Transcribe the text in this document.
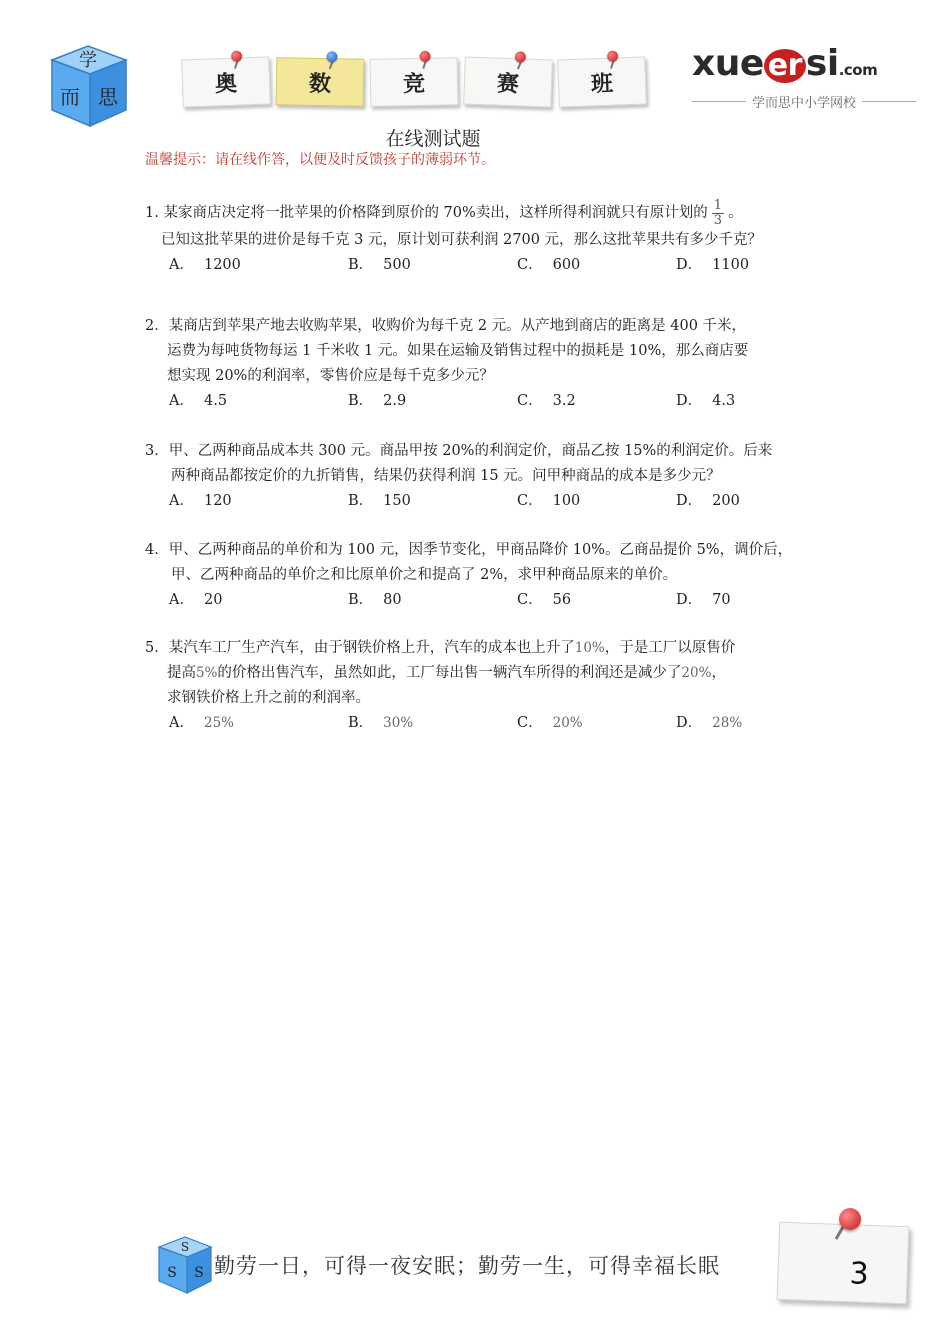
学
而 思
奥	数	竞	赛	班 xue er si.com
学而思中小学网校
在线测试题
温馨提示：请在线作答，以便及时反馈孩子的薄弱环节。
1. 某家商店决定将一批苹果的价格降到原价的 70%卖出，这样所得利润就只有原计划的 $\frac{1}{3}$ 。
已知这批苹果的进价是每千克 3 元，原计划可获利润 2700 元，那么这批苹果共有多少千克？
A． 1200	B． 500	C． 600	D． 1100
2．某商店到苹果产地去收购苹果，收购价为每千克 2 元。从产地到商店的距离是 400 千米，
运费为每吨货物每运 1 千米收 1 元。如果在运输及销售过程中的损耗是 10%，那么商店要
想实现 20%的利润率，零售价应是每千克多少元？
A． 4.5	B． 2.9	C． 3.2	D． 4.3
3．甲、乙两种商品成本共 300 元。商品甲按 20%的利润定价，商品乙按 15%的利润定价。后来
两种商品都按定价的九折销售，结果仍获得利润 15 元。问甲种商品的成本是多少元？
A． 120	B． 150	C． 100	D． 200
4．甲、乙两种商品的单价和为 100 元，因季节变化，甲商品降价 10%。乙商品提价 5%，调价后，
甲、乙两种商品的单价之和比原单价之和提高了 2%，求甲种商品原来的单价。
A． 20	B． 80	C． 56	D． 70
5．某汽车工厂生产汽车，由于钢铁价格上升，汽车的成本也上升了10%，于是工厂以原售价
提高5%的价格出售汽车，虽然如此，工厂每出售一辆汽车所得的利润还是减少了20%，
求钢铁价格上升之前的利润率。
A． 25%	B． 30%	C． 20%	D． 28%
S
S S 勤劳一日，可得一夜安眠；勤劳一生，可得幸福长眠	3
